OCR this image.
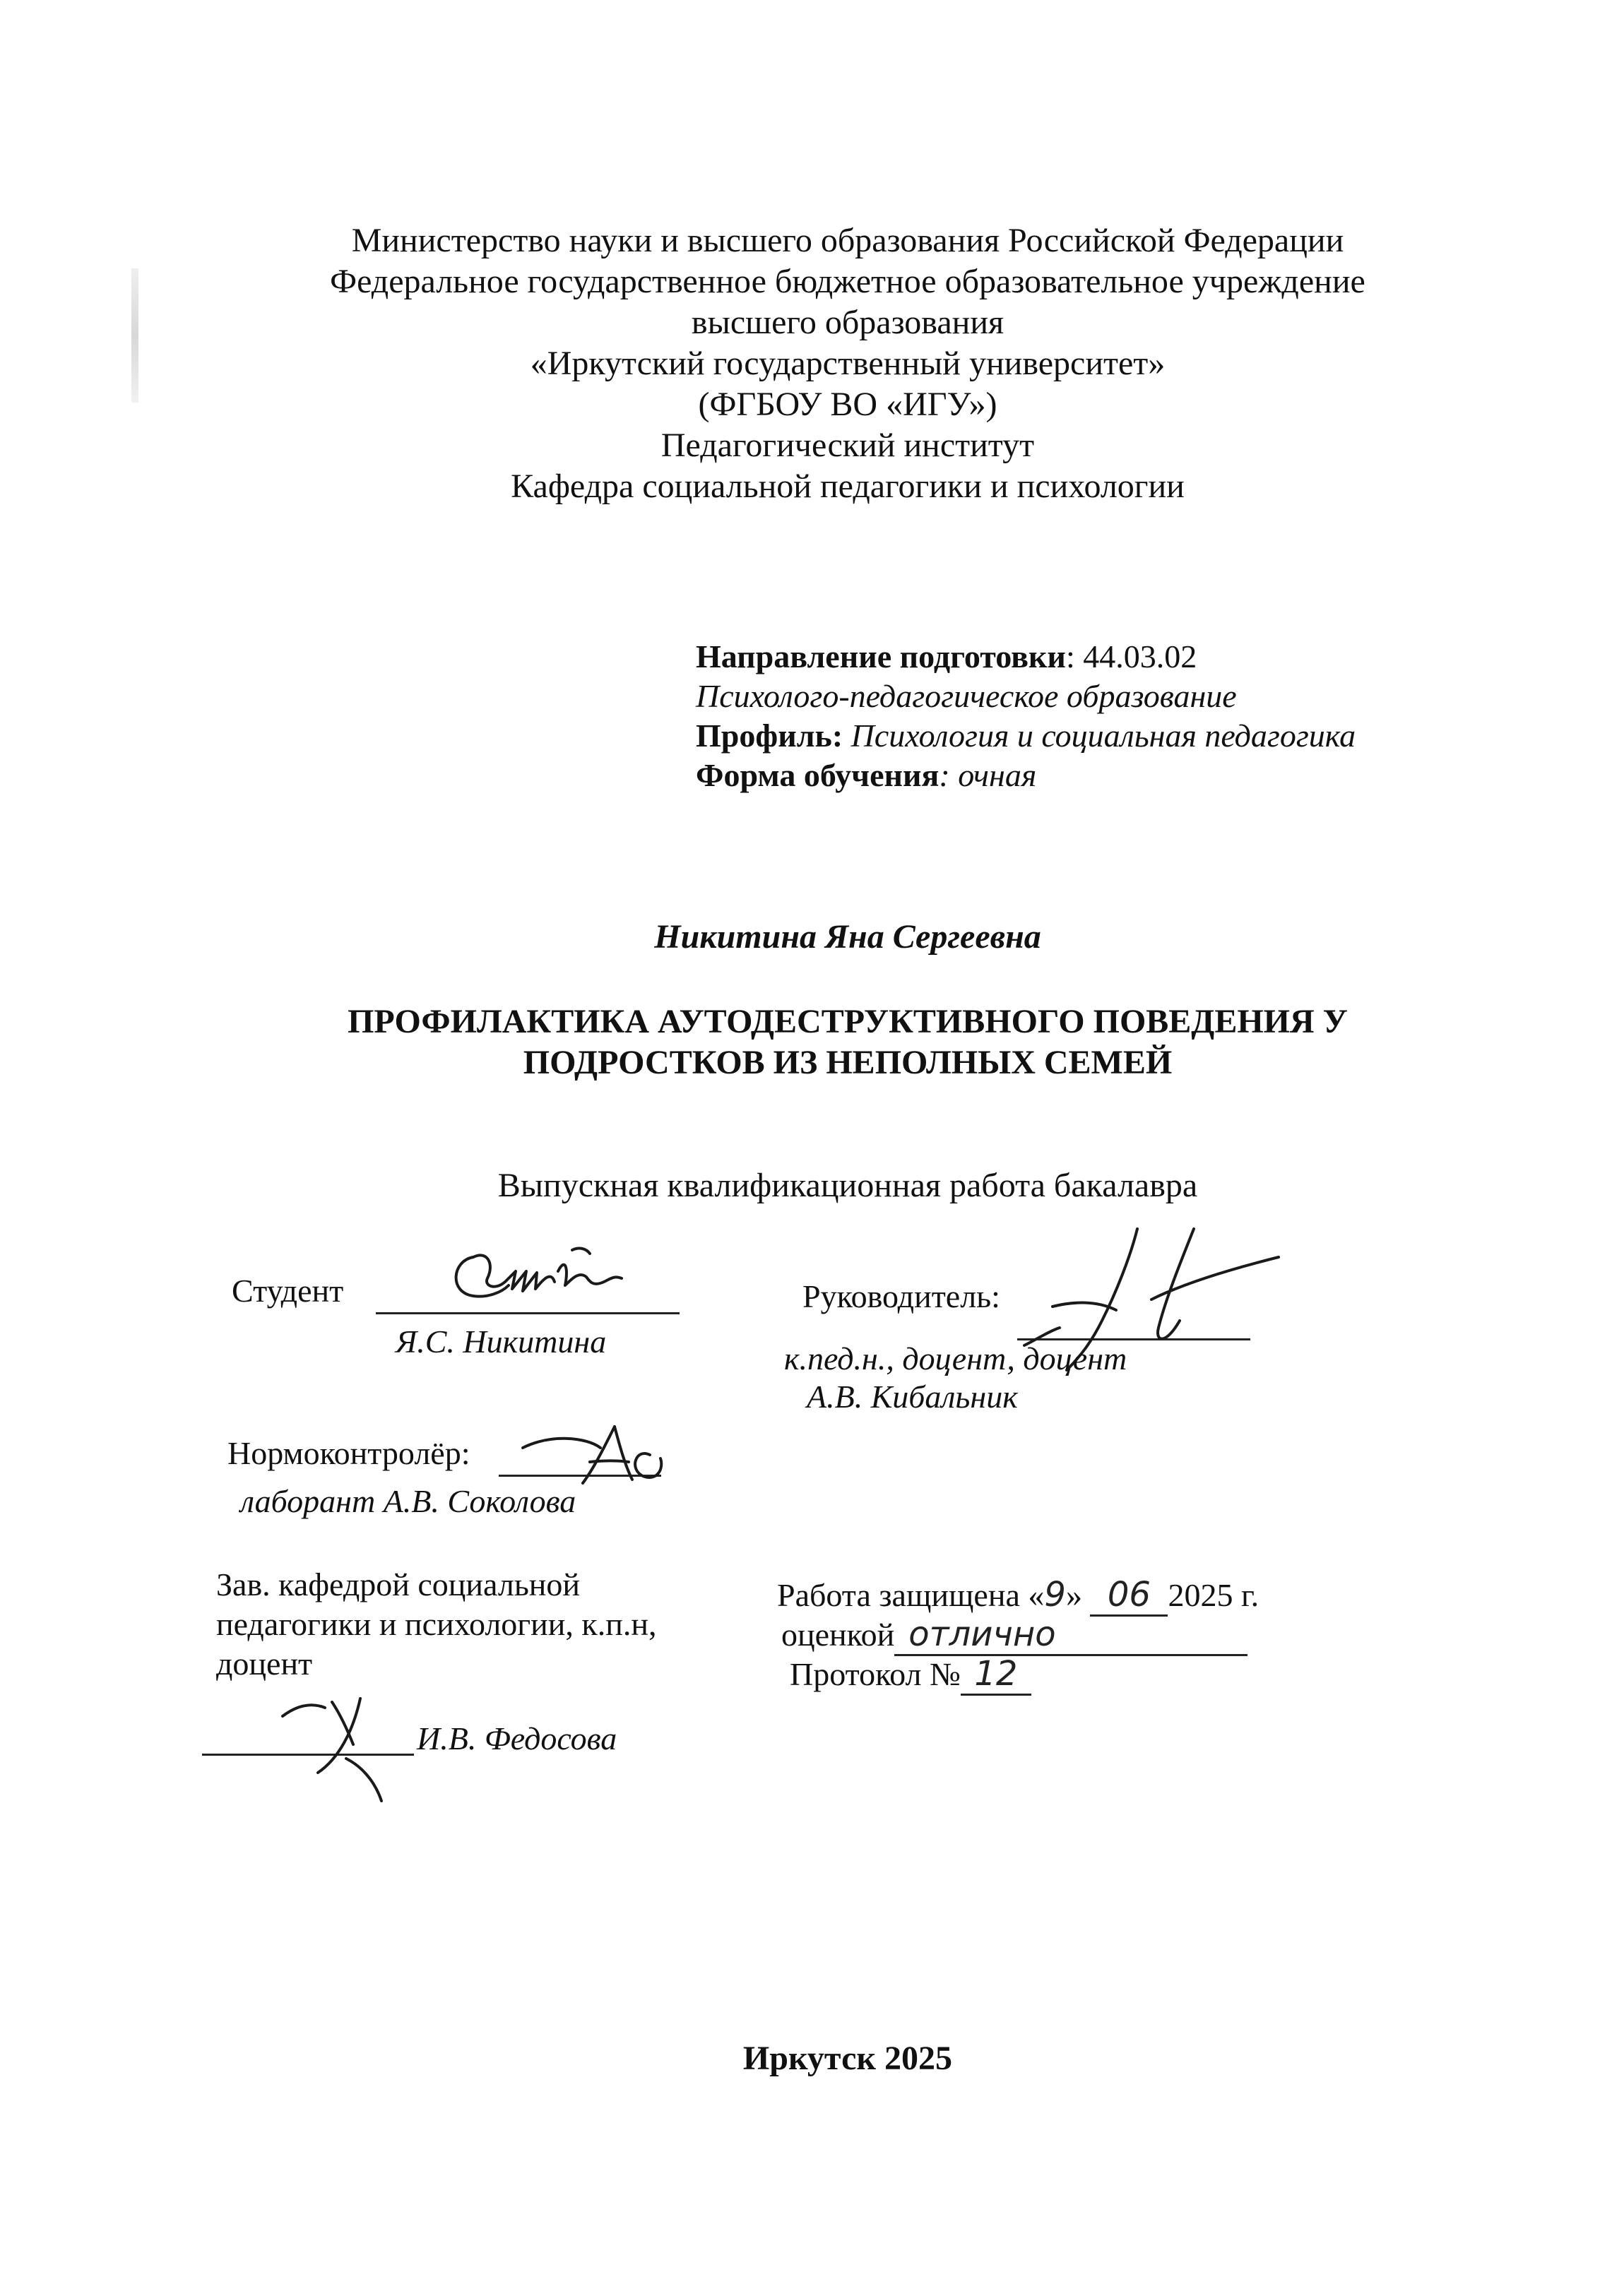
Министерство науки и высшего образования Российской Федерации
Федеральное государственное бюджетное образовательное учреждение
высшего образования
«Иркутский государственный университет»
(ФГБОУ ВО «ИГУ»)
Педагогический институт
Кафедра социальной педагогики и психологии
Направление подготовки: 44.03.02
Психолого-педагогическое образование
Профиль: Психология и социальная педагогика
Форма обучения: очная
Никитина Яна Сергеевна
ПРОФИЛАКТИКА АУТОДЕСТРУКТИВНОГО ПОВЕДЕНИЯ У
ПОДРОСТКОВ ИЗ НЕПОЛНЫХ СЕМЕЙ
Выпускная квалификационная работа бакалавра
Студент
Я.С. Никитина
Руководитель:
к.пед.н., доцент, доцент
А.В. Кибальник
Нормоконтролёр:
лаборант А.В. Соколова
Зав. кафедрой социальной
педагогики и психологии, к.п.н,
доцент
И.В. Федосова
Работа защищена «9» 06 2025 г.
оценкой отлично
Протокол № 12
Иркутск 2025
